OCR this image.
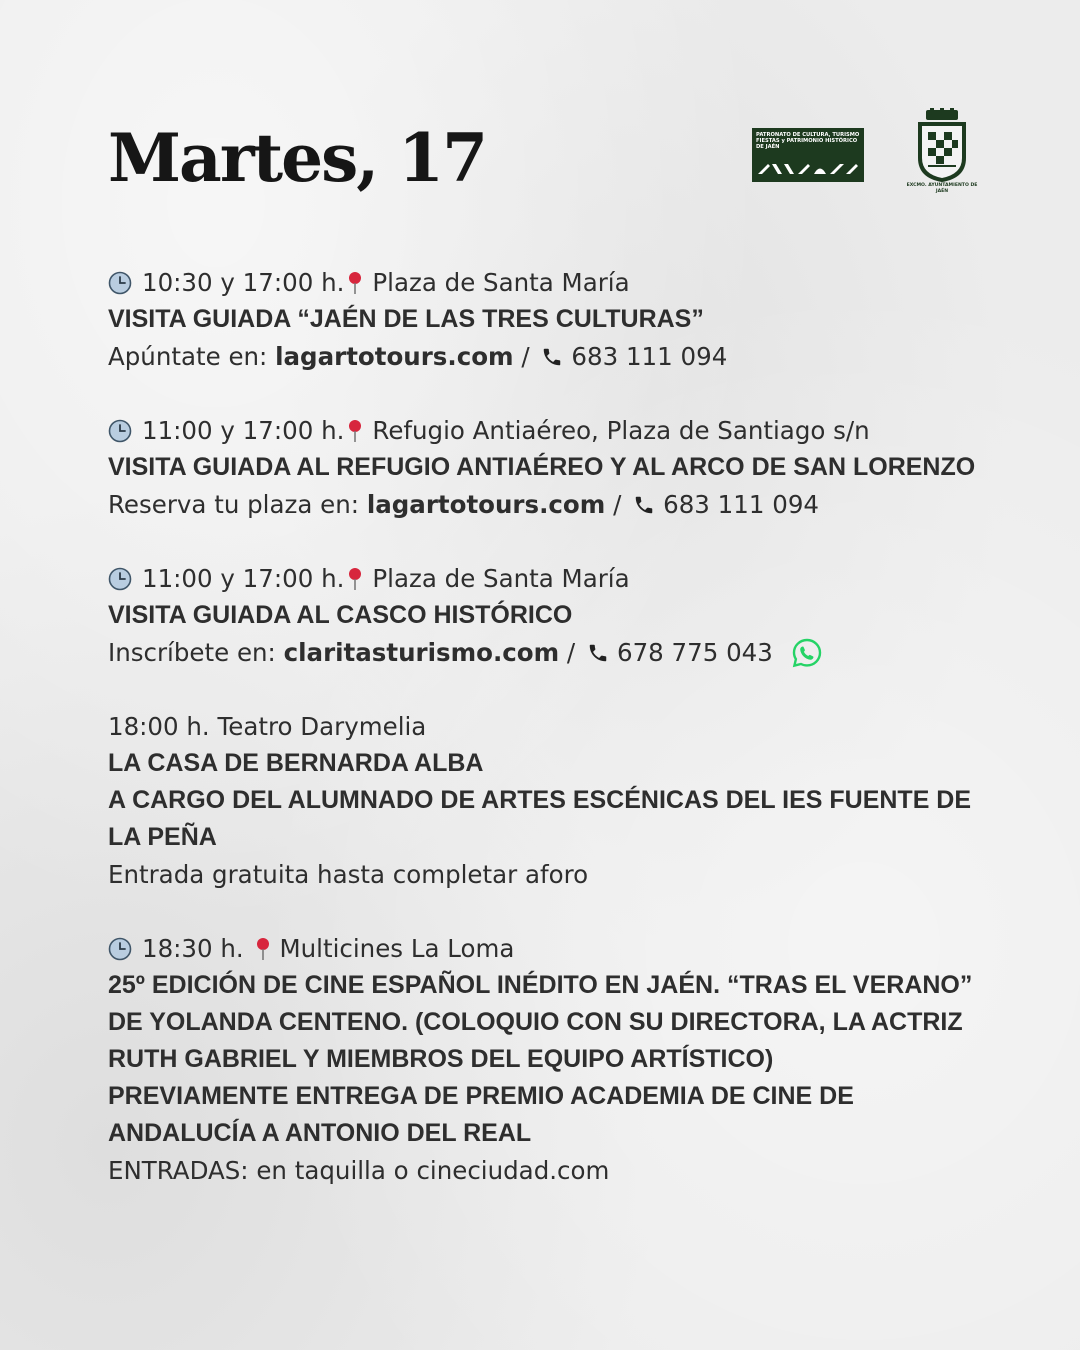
Martes, 17	PATRONATO DE CULTURA, TURISMO FIESTAS y PATRIMONIO HISTÓRICO DE JAÉN
EXCMO. AYUNTAMIENTO DE JAÉN
10:30 y 17:00 h. Plaza de Santa María
VISITA GUIADA “JAÉN DE LAS TRES CULTURAS”
Apúntate en: lagartotours.com / 683 111 094
11:00 y 17:00 h. Refugio Antiaéreo, Plaza de Santiago s/n
VISITA GUIADA AL REFUGIO ANTIAÉREO Y AL ARCO DE SAN LORENZO
Reserva tu plaza en: lagartotours.com / 683 111 094
11:00 y 17:00 h. Plaza de Santa María
VISITA GUIADA AL CASCO HISTÓRICO
Inscríbete en: claritasturismo.com / 678 775 043
18:00 h. Teatro Darymelia
LA CASA DE BERNARDA ALBA
A CARGO DEL ALUMNADO DE ARTES ESCÉNICAS DEL IES FUENTE DE LA PEÑA
Entrada gratuita hasta completar aforo
18:30 h. Multicines La Loma
25º EDICIÓN DE CINE ESPAÑOL INÉDITO EN JAÉN. “TRAS EL VERANO” DE YOLANDA CENTENO. (COLOQUIO CON SU DIRECTORA, LA ACTRIZ RUTH GABRIEL Y MIEMBROS DEL EQUIPO ARTÍSTICO)
PREVIAMENTE ENTREGA DE PREMIO ACADEMIA DE CINE DE ANDALUCÍA A ANTONIO DEL REAL
ENTRADAS: en taquilla o cineciudad.com
